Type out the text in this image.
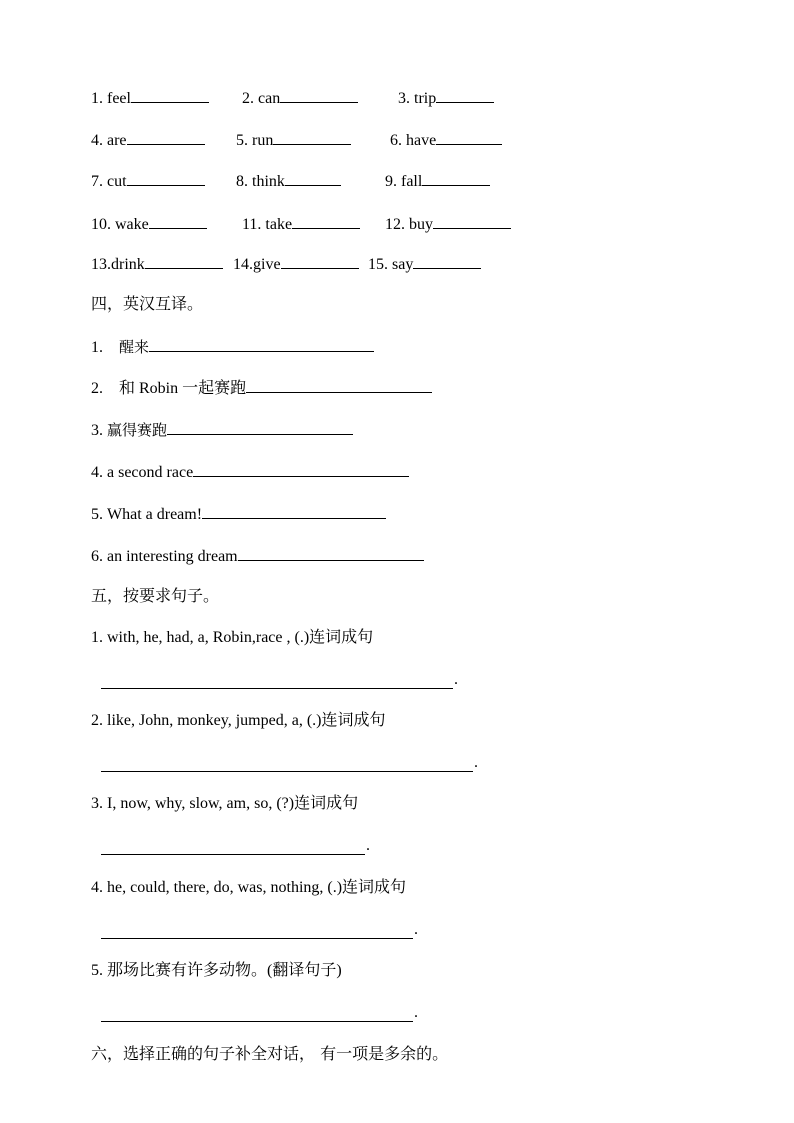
1. feel	2. can	3. trip
4. are	5. run	6. have
7. cut	8. think	9. fall
10. wake	11. take	12. buy
13.drink	14.give	15. say
四，英汉互译。
1. 醒来
2. 和 Robin 一起赛跑
3. 赢得赛跑
4. a second race
5. What a dream!
6. an interesting dream
五，按要求句子。
1. with, he, had, a, Robin,race , (.)连词成句
.
2. like, John, monkey, jumped, a, (.)连词成句
.
3. I, now, why, slow, am, so, (?)连词成句
.
4. he, could, there, do, was, nothing, (.)连词成句
.
5. 那场比赛有许多动物。(翻译句子)
.
六，选择正确的句子补全对话， 有一项是多余的。
